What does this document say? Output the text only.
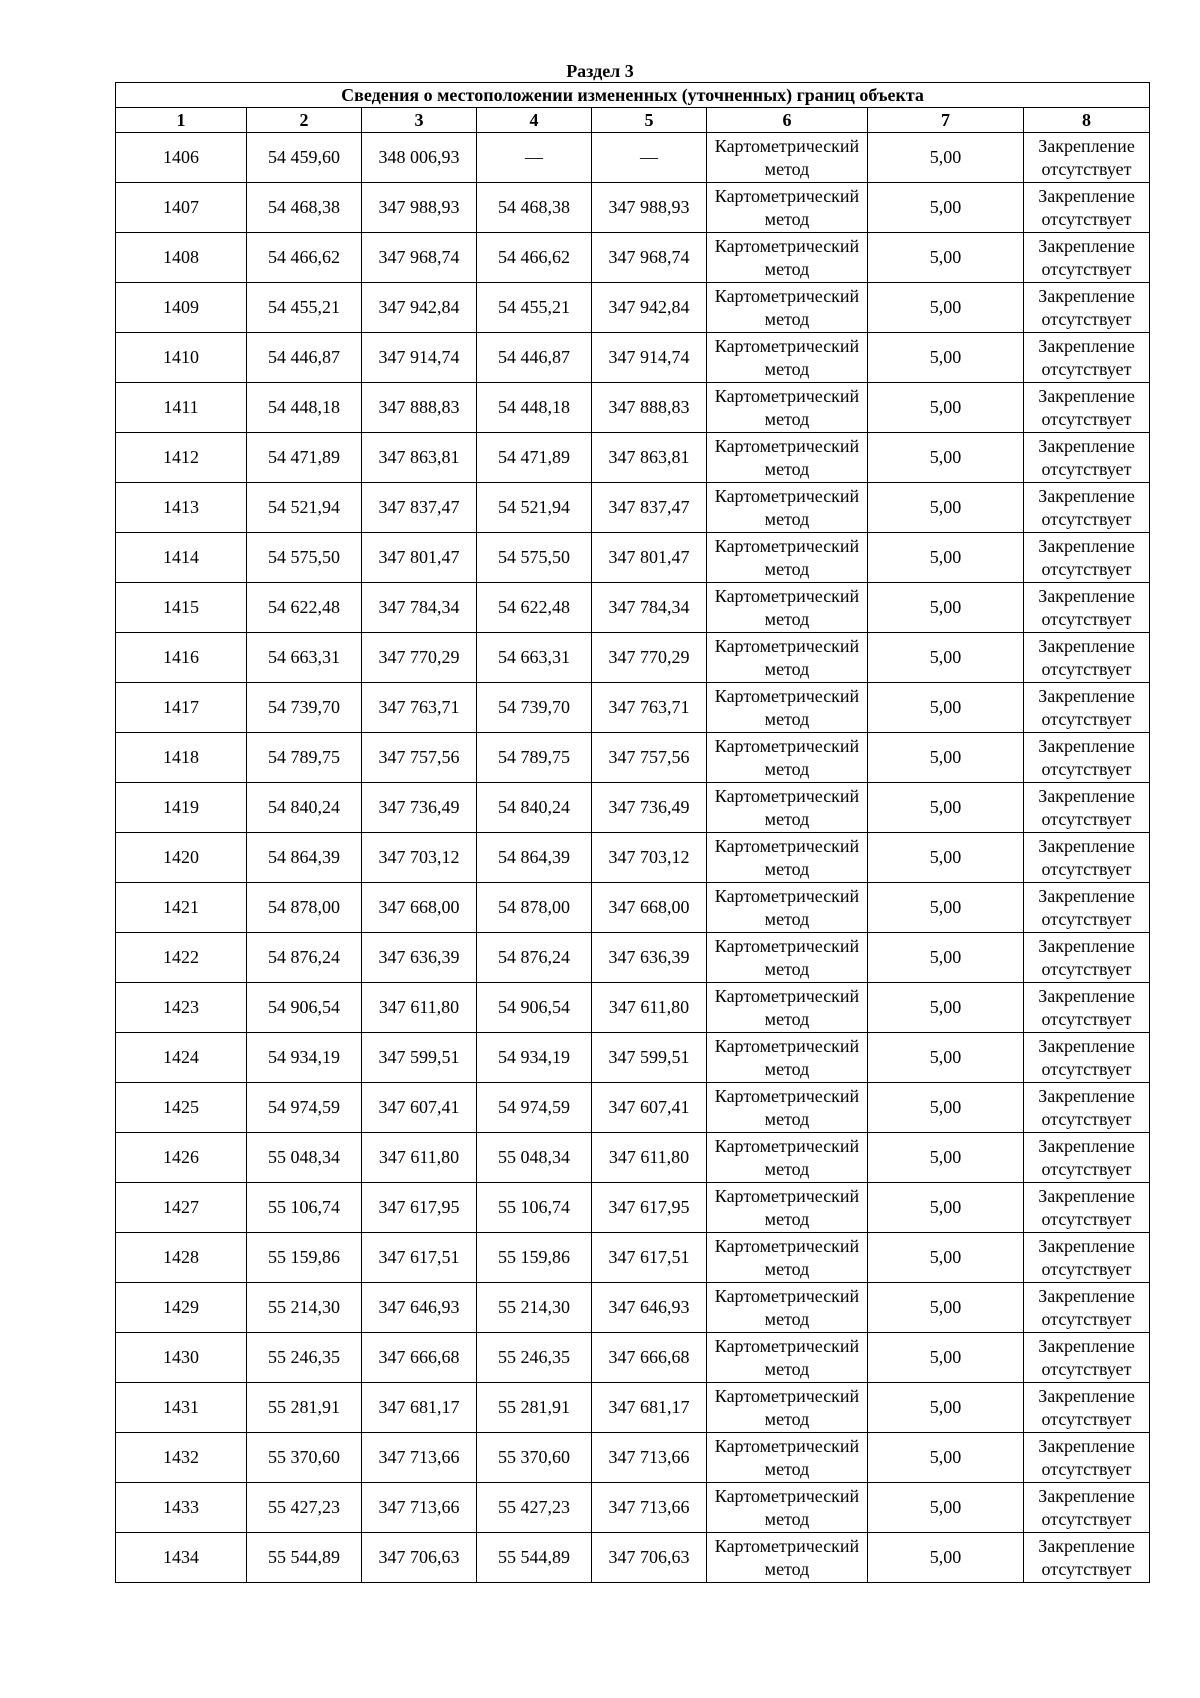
Раздел 3
Сведения о местоположении измененных (уточненных) границ объекта							
1	2	3	4	5	6	7	8
1406	54 459,60	348 006,93	—	—	Картометрический метод	5,00	Закрепление отсутствует
1407	54 468,38	347 988,93	54 468,38	347 988,93	Картометрический метод	5,00	Закрепление отсутствует
1408	54 466,62	347 968,74	54 466,62	347 968,74	Картометрический метод	5,00	Закрепление отсутствует
1409	54 455,21	347 942,84	54 455,21	347 942,84	Картометрический метод	5,00	Закрепление отсутствует
1410	54 446,87	347 914,74	54 446,87	347 914,74	Картометрический метод	5,00	Закрепление отсутствует
1411	54 448,18	347 888,83	54 448,18	347 888,83	Картометрический метод	5,00	Закрепление отсутствует
1412	54 471,89	347 863,81	54 471,89	347 863,81	Картометрический метод	5,00	Закрепление отсутствует
1413	54 521,94	347 837,47	54 521,94	347 837,47	Картометрический метод	5,00	Закрепление отсутствует
1414	54 575,50	347 801,47	54 575,50	347 801,47	Картометрический метод	5,00	Закрепление отсутствует
1415	54 622,48	347 784,34	54 622,48	347 784,34	Картометрический метод	5,00	Закрепление отсутствует
1416	54 663,31	347 770,29	54 663,31	347 770,29	Картометрический метод	5,00	Закрепление отсутствует
1417	54 739,70	347 763,71	54 739,70	347 763,71	Картометрический метод	5,00	Закрепление отсутствует
1418	54 789,75	347 757,56	54 789,75	347 757,56	Картометрический метод	5,00	Закрепление отсутствует
1419	54 840,24	347 736,49	54 840,24	347 736,49	Картометрический метод	5,00	Закрепление отсутствует
1420	54 864,39	347 703,12	54 864,39	347 703,12	Картометрический метод	5,00	Закрепление отсутствует
1421	54 878,00	347 668,00	54 878,00	347 668,00	Картометрический метод	5,00	Закрепление отсутствует
1422	54 876,24	347 636,39	54 876,24	347 636,39	Картометрический метод	5,00	Закрепление отсутствует
1423	54 906,54	347 611,80	54 906,54	347 611,80	Картометрический метод	5,00	Закрепление отсутствует
1424	54 934,19	347 599,51	54 934,19	347 599,51	Картометрический метод	5,00	Закрепление отсутствует
1425	54 974,59	347 607,41	54 974,59	347 607,41	Картометрический метод	5,00	Закрепление отсутствует
1426	55 048,34	347 611,80	55 048,34	347 611,80	Картометрический метод	5,00	Закрепление отсутствует
1427	55 106,74	347 617,95	55 106,74	347 617,95	Картометрический метод	5,00	Закрепление отсутствует
1428	55 159,86	347 617,51	55 159,86	347 617,51	Картометрический метод	5,00	Закрепление отсутствует
1429	55 214,30	347 646,93	55 214,30	347 646,93	Картометрический метод	5,00	Закрепление отсутствует
1430	55 246,35	347 666,68	55 246,35	347 666,68	Картометрический метод	5,00	Закрепление отсутствует
1431	55 281,91	347 681,17	55 281,91	347 681,17	Картометрический метод	5,00	Закрепление отсутствует
1432	55 370,60	347 713,66	55 370,60	347 713,66	Картометрический метод	5,00	Закрепление отсутствует
1433	55 427,23	347 713,66	55 427,23	347 713,66	Картометрический метод	5,00	Закрепление отсутствует
1434	55 544,89	347 706,63	55 544,89	347 706,63	Картометрический метод	5,00	Закрепление отсутствует
